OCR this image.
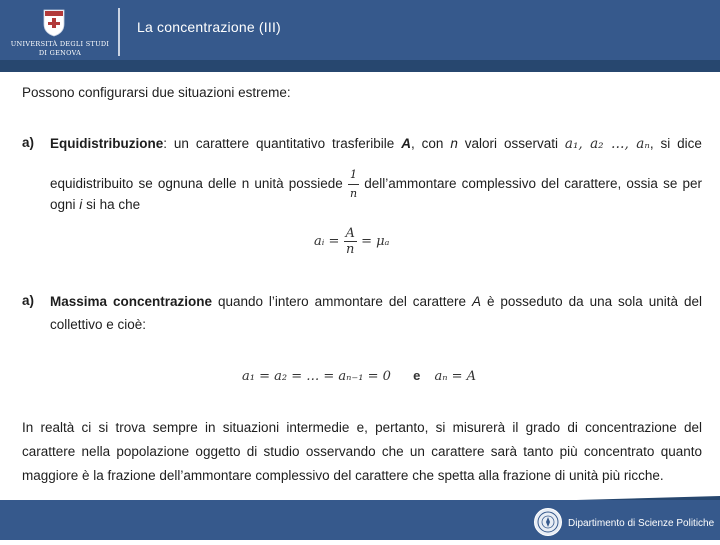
UNIVERSITÀ DEGLI STUDI
DI GENOVA
La concentrazione (III)
Possono configurarsi due situazioni estreme:
a) Equidistribuzione: un carattere quantitativo trasferibile A, con n valori osservati a₁, a₂ …, aₙ, si dice
equidistribuito se ognuna delle n unità possiede $\frac{1}{n}$ dell’ammontare complessivo del carattere, ossia se per
ogni i si ha che
aᵢ = $\frac{A}{n} = \mu_a$
a) Massima concentrazione quando l’intero ammontare del carattere A è posseduto da una sola unità del
collettivo e cioè:
a₁ = a₂ = … = aₙ₋₁ = 0 e aₙ = A
In realtà ci si trova sempre in situazioni intermedie e, pertanto, si misurerà il grado di concentrazione del
carattere nella popolazione oggetto di studio osservando che un carattere sarà tanto più concentrato quanto
maggiore è la frazione dell’ammontare complessivo del carattere che spetta alla frazione di unità più ricche.
Dipartimento di Scienze Politiche
